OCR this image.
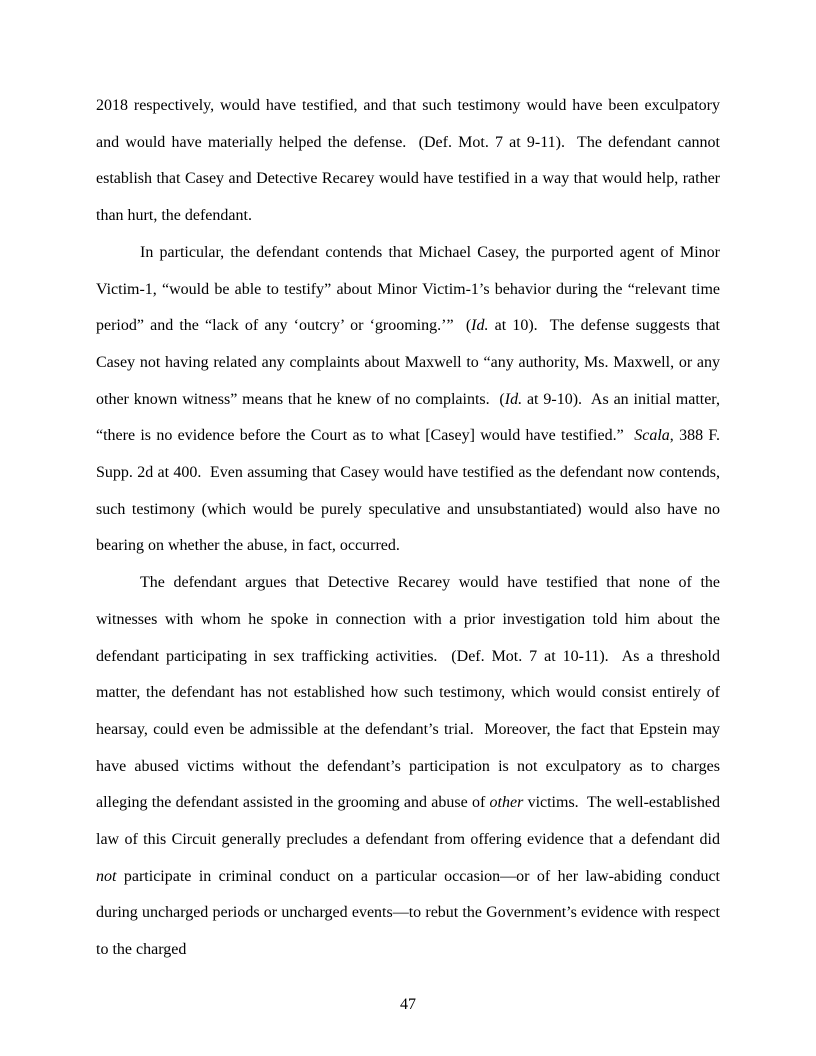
2018 respectively, would have testified, and that such testimony would have been exculpatory and would have materially helped the defense.  (Def. Mot. 7 at 9-11).  The defendant cannot establish that Casey and Detective Recarey would have testified in a way that would help, rather than hurt, the defendant.

In particular, the defendant contends that Michael Casey, the purported agent of Minor Victim-1, “would be able to testify” about Minor Victim-1’s behavior during the “relevant time period” and the “lack of any ‘outcry’ or ‘grooming.’”  (Id. at 10).  The defense suggests that Casey not having related any complaints about Maxwell to “any authority, Ms. Maxwell, or any other known witness” means that he knew of no complaints.  (Id. at 9-10).  As an initial matter, “there is no evidence before the Court as to what [Casey] would have testified.”  Scala, 388 F. Supp. 2d at 400.  Even assuming that Casey would have testified as the defendant now contends, such testimony (which would be purely speculative and unsubstantiated) would also have no bearing on whether the abuse, in fact, occurred.

The defendant argues that Detective Recarey would have testified that none of the witnesses with whom he spoke in connection with a prior investigation told him about the defendant participating in sex trafficking activities.  (Def. Mot. 7 at 10-11).  As a threshold matter, the defendant has not established how such testimony, which would consist entirely of hearsay, could even be admissible at the defendant’s trial.  Moreover, the fact that Epstein may have abused victims without the defendant’s participation is not exculpatory as to charges alleging the defendant assisted in the grooming and abuse of other victims.  The well-established law of this Circuit generally precludes a defendant from offering evidence that a defendant did not participate in criminal conduct on a particular occasion—or of her law-abiding conduct during uncharged periods or uncharged events—to rebut the Government’s evidence with respect to the charged

47
